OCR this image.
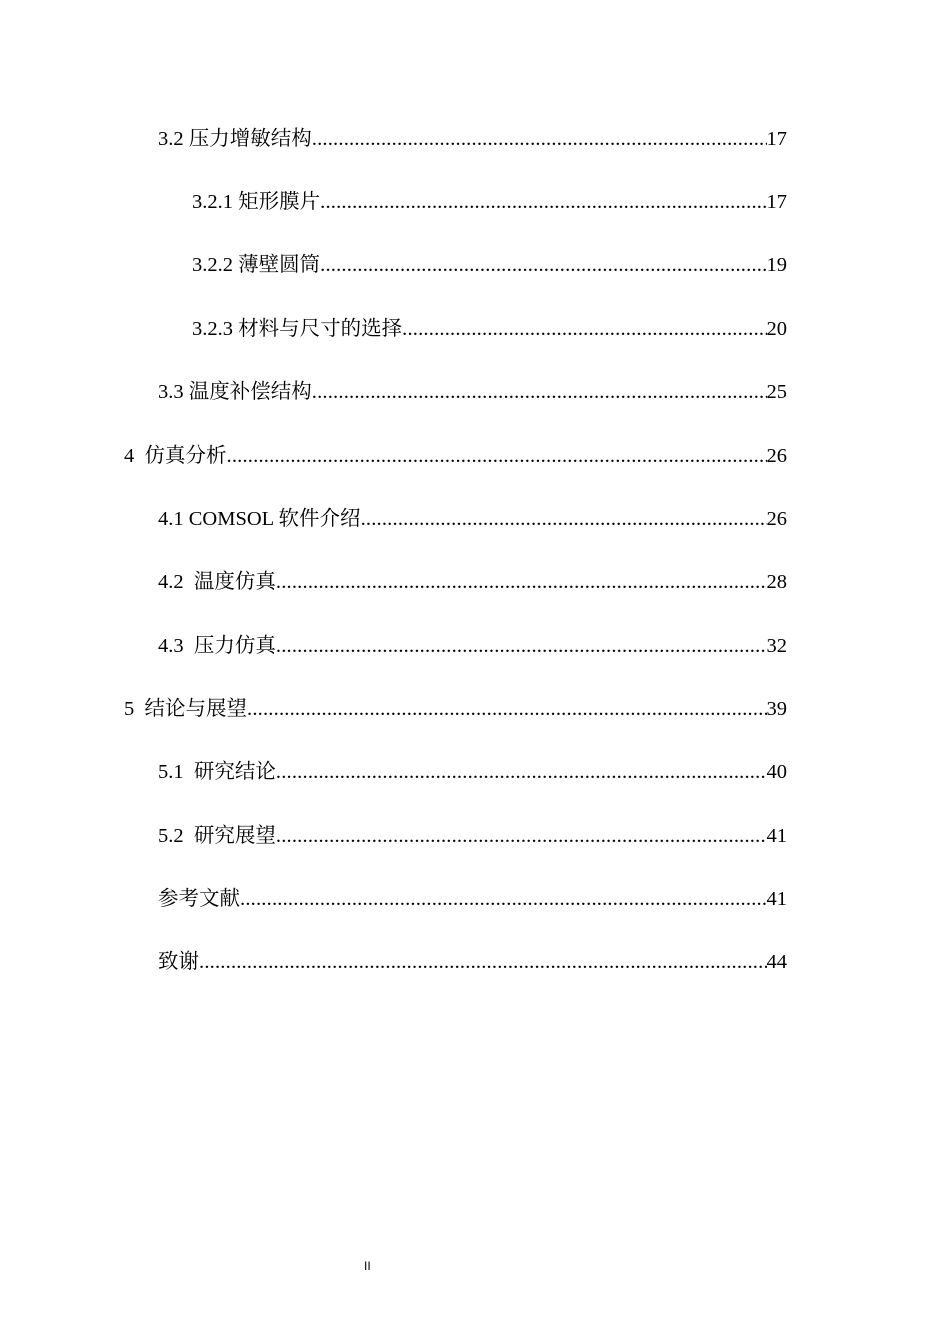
3.2 压力增敏结构 .....	17
3.2.1 矩形膜片 .....	17
3.2.2 薄壁圆筒 .....	19
3.2.3 材料与尺寸的选择 .....	20
3.3 温度补偿结构 .....	25
4  仿真分析 .....	26
4.1 COMSOL 软件介绍 .....	26
4.2  温度仿真 .....	28
4.3  压力仿真 .....	32
5  结论与展望 .....	39
5.1  研究结论 .....	40
5.2  研究展望 .....	41
参考文献 .....	41
致谢 .....	44
II
